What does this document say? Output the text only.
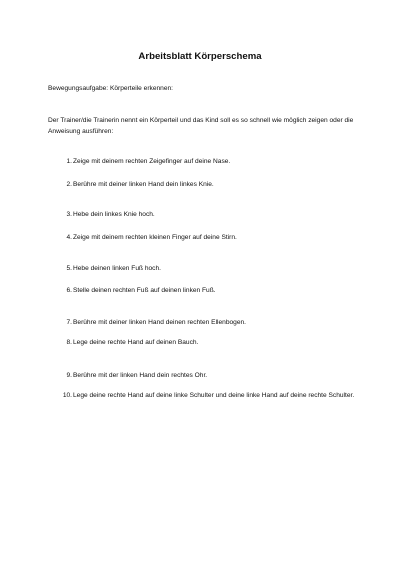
Arbeitsblatt Körperschema
Bewegungsaufgabe: Körperteile erkennen:
Der Trainer/die Trainerin nennt ein Körperteil und das Kind soll es so schnell wie möglich zeigen oder die Anweisung ausführen:
1. Zeige mit deinem rechten Zeigefinger auf deine Nase.
2. Berühre mit deiner linken Hand dein linkes Knie.
3. Hebe dein linkes Knie hoch.
4. Zeige mit deinem rechten kleinen Finger auf deine Stirn.
5. Hebe deinen linken Fuß hoch.
6. Stelle deinen rechten Fuß auf deinen linken Fuß.
7. Berühre mit deiner linken Hand deinen rechten Ellenbogen.
8. Lege deine rechte Hand auf deinen Bauch.
9. Berühre mit der linken Hand dein rechtes Ohr.
10. Lege deine rechte Hand auf deine linke Schulter und deine linke Hand auf deine rechte Schulter.
